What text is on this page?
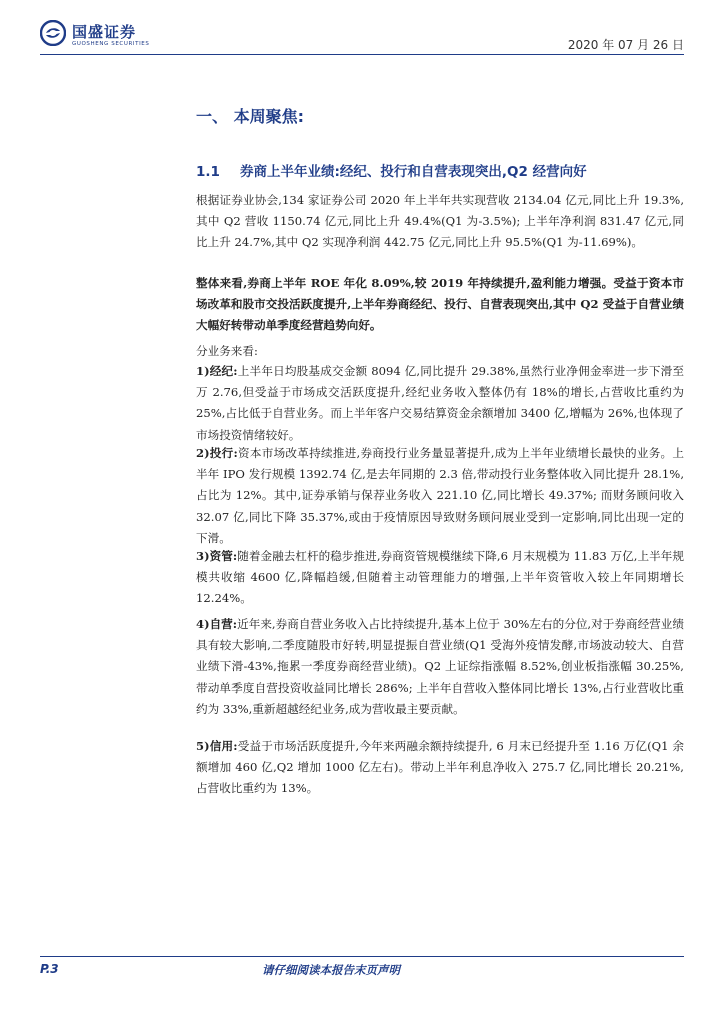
国盛证券
GUOSHENG SECURITIES	2020 年 07 月 26 日
一、 本周聚焦:
1.1 券商上半年业绩:经纪、投行和自营表现突出,Q2 经营向好

根据证券业协会,134 家证券公司 2020 年上半年共实现营收 2134.04 亿元,同比上升 19.3%,其中 Q2 营收 1150.74 亿元,同比上升 49.4%(Q1 为-3.5%); 上半年净利润 831.47 亿元,同比上升 24.7%,其中 Q2 实现净利润 442.75 亿元,同比上升 95.5%(Q1 为-11.69%)。

整体来看,券商上半年 ROE 年化 8.09%,较 2019 年持续提升,盈利能力增强。受益于资本市场改革和股市交投活跃度提升,上半年券商经纪、投行、自营表现突出,其中 Q2 受益于自营业绩大幅好转带动单季度经营趋势向好。

分业务来看:

1)经纪:上半年日均股基成交金额 8094 亿,同比提升 29.38%,虽然行业净佣金率进一步下滑至万 2.76,但受益于市场成交活跃度提升,经纪业务收入整体仍有 18%的增长,占营收比重约为 25%,占比低于自营业务。而上半年客户交易结算资金余额增加 3400 亿,增幅为 26%,也体现了市场投资情绪较好。

2)投行:资本市场改革持续推进,券商投行业务量显著提升,成为上半年业绩增长最快的业务。上半年 IPO 发行规模 1392.74 亿,是去年同期的 2.3 倍,带动投行业务整体收入同比提升 28.1%,占比为 12%。其中,证券承销与保荐业务收入 221.10 亿,同比增长 49.37%; 而财务顾问收入 32.07 亿,同比下降 35.37%,或由于疫情原因导致财务顾问展业受到一定影响,同比出现一定的下滑。

3)资管:随着金融去杠杆的稳步推进,券商资管规模继续下降,6 月末规模为 11.83 万亿,上半年规模共收缩 4600 亿,降幅趋缓,但随着主动管理能力的增强,上半年资管收入较上年同期增长 12.24%。

4)自营:近年来,券商自营业务收入占比持续提升,基本上位于 30%左右的分位,对于券商经营业绩具有较大影响,二季度随股市好转,明显提振自营业绩(Q1 受海外疫情发酵,市场波动较大、自营业绩下滑-43%,拖累一季度券商经营业绩)。Q2 上证综指涨幅 8.52%,创业板指涨幅 30.25%,带动单季度自营投资收益同比增长 286%; 上半年自营收入整体同比增长 13%,占行业营收比重约为 33%,重新超越经纪业务,成为营收最主要贡献。

5)信用:受益于市场活跃度提升,今年来两融余额持续提升, 6 月末已经提升至 1.16 万亿(Q1 余额增加 460 亿,Q2 增加 1000 亿左右)。带动上半年利息净收入 275.7 亿,同比增长 20.21%,占营收比重约为 13%。

P.3	请仔细阅读本报告末页声明
